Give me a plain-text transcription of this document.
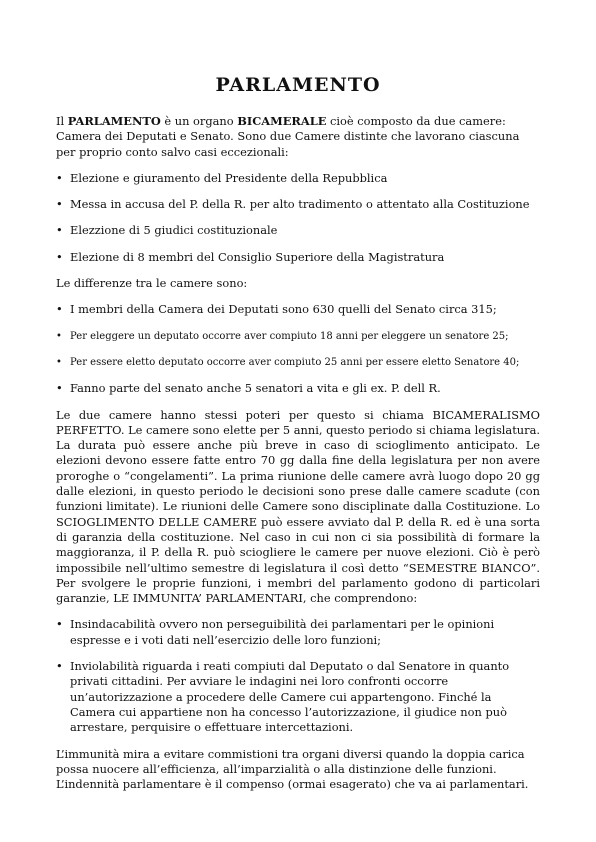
PARLAMENTO

Il PARLAMENTO è un organo BICAMERALE cioè composto da due camere: Camera dei Deputati e Senato. Sono due Camere distinte che lavorano ciascuna per proprio conto salvo casi eccezionali:

• Elezione e giuramento del Presidente della Repubblica
• Messa in accusa del P. della R. per alto tradimento o attentato alla Costituzione
• Elezzione di 5 giudici costituzionale
• Elezione di 8 membri del Consiglio Superiore della Magistratura

Le differenze tra le camere sono:

• I membri della Camera dei Deputati sono 630 quelli del Senato circa 315;
• Per eleggere un deputato occorre aver compiuto 18 anni per eleggere un senatore 25;
• Per essere eletto deputato occorre aver compiuto 25 anni per essere eletto Senatore 40;
• Fanno parte del senato anche 5 senatori a vita e gli ex. P. dell R.

Le due camere hanno stessi poteri per questo si chiama BICAMERALISMO PERFETTO. Le camere sono elette per 5 anni, questo periodo si chiama legislatura. La durata può essere anche più breve in caso di scioglimento anticipato. Le elezioni devono essere fatte entro 70 gg dalla fine della legislatura per non avere proroghe o “congelamenti”. La prima riunione delle camere avrà luogo dopo 20 gg dalle elezioni, in questo periodo le decisioni sono prese dalle camere scadute (con funzioni limitate). Le riunioni delle Camere sono disciplinate dalla Costituzione. Lo SCIOGLIMENTO DELLE CAMERE può essere avviato dal P. della R. ed è una sorta di garanzia della costituzione. Nel caso in cui non ci sia possibilità di formare la maggioranza, il P. della R. può sciogliere le camere per nuove elezioni. Ciò è però impossibile nell’ultimo semestre di legislatura il così detto “SEMESTRE BIANCO”. Per svolgere le proprie funzioni, i membri del parlamento godono di particolari garanzie, LE IMMUNITA’ PARLAMENTARI, che comprendono:

• Insindacabilità ovvero non perseguibilità dei parlamentari per le opinioni espresse e i voti dati nell’esercizio delle loro funzioni;
• Inviolabilità riguarda i reati compiuti dal Deputato o dal Senatore in quanto privati cittadini. Per avviare le indagini nei loro confronti occorre un’autorizzazione a procedere delle Camere cui appartengono. Finché la Camera cui appartiene non ha concesso l’autorizzazione, il giudice non può arrestare, perquisire o effettuare intercettazioni.

L’immunità mira a evitare commistioni tra organi diversi quando la doppia carica possa nuocere all’efficienza, all’imparzialità o alla distinzione delle funzioni. L’indennità parlamentare è il compenso (ormai esagerato) che va ai parlamentari.
